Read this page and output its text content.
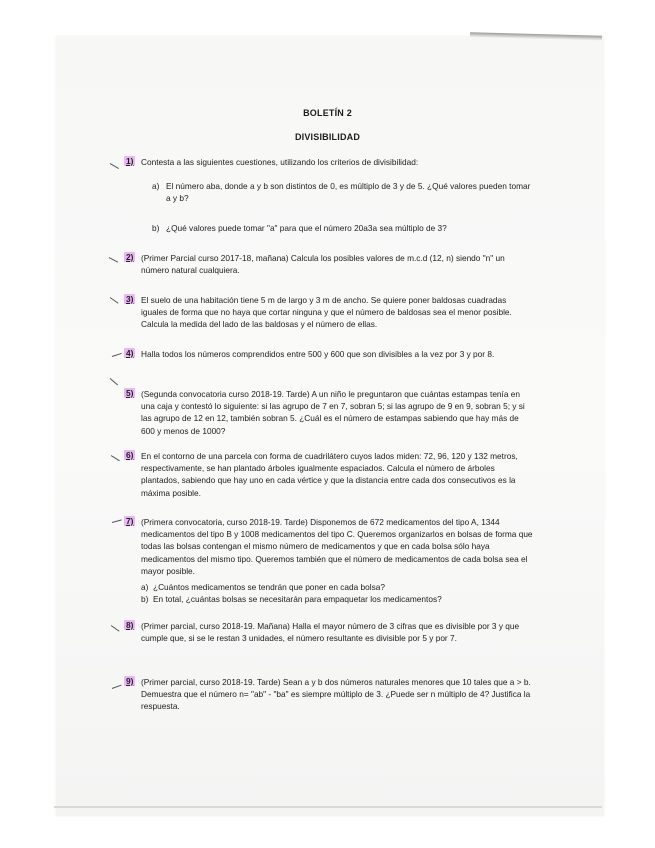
BOLETÍN 2
DIVISIBILIDAD
1) Contesta a las siguientes cuestiones, utilizando los criterios de divisibilidad:
a) El número aba, donde a y b son distintos de 0, es múltiplo de 3 y de 5. ¿Qué valores pueden tomar a y b?
b) ¿Qué valores puede tomar "a" para que el número 20a3a sea múltiplo de 3?
2) (Primer Parcial curso 2017-18, mañana) Calcula los posibles valores de m.c.d (12, n) siendo "n" un número natural cualquiera.
3) El suelo de una habitación tiene 5 m de largo y 3 m de ancho. Se quiere poner baldosas cuadradas iguales de forma que no haya que cortar ninguna y que el número de baldosas sea el menor posible. Calcula la medida del lado de las baldosas y el número de ellas.
4) Halla todos los números comprendidos entre 500 y 600 que son divisibles a la vez por 3 y por 8.
5) (Segunda convocatoria curso 2018-19. Tarde) A un niño le preguntaron que cuántas estampas tenía en una caja y contestó lo siguiente: si las agrupo de 7 en 7, sobran 5; si las agrupo de 9 en 9, sobran 5; y si las agrupo de 12 en 12, también sobran 5. ¿Cuál es el número de estampas sabiendo que hay más de 600 y menos de 1000?
6) En el contorno de una parcela con forma de cuadrilátero cuyos lados miden: 72, 96, 120 y 132 metros, respectivamente, se han plantado árboles igualmente espaciados. Calcula el número de árboles plantados, sabiendo que hay uno en cada vértice y que la distancia entre cada dos consecutivos es la máxima posible.
7) (Primera convocatoria, curso 2018-19. Tarde) Disponemos de 672 medicamentos del tipo A, 1344 medicamentos del tipo B y 1008 medicamentos del tipo C. Queremos organizarlos en bolsas de forma que todas las bolsas contengan el mismo número de medicamentos y que en cada bolsa sólo haya medicamentos del mismo tipo. Queremos también que el número de medicamentos de cada bolsa sea el mayor posible.
a) ¿Cuántos medicamentos se tendrán que poner en cada bolsa?
b) En total, ¿cuántas bolsas se necesitarán para empaquetar los medicamentos?
8) (Primer parcial, curso 2018-19. Mañana) Halla el mayor número de 3 cifras que es divisible por 3 y que cumple que, si se le restan 3 unidades, el número resultante es divisible por 5 y por 7.
9) (Primer parcial, curso 2018-19. Tarde) Sean a y b dos números naturales menores que 10 tales que a > b. Demuestra que el número n= "ab" - "ba" es siempre múltiplo de 3. ¿Puede ser n múltiplo de 4? Justifica la respuesta.
